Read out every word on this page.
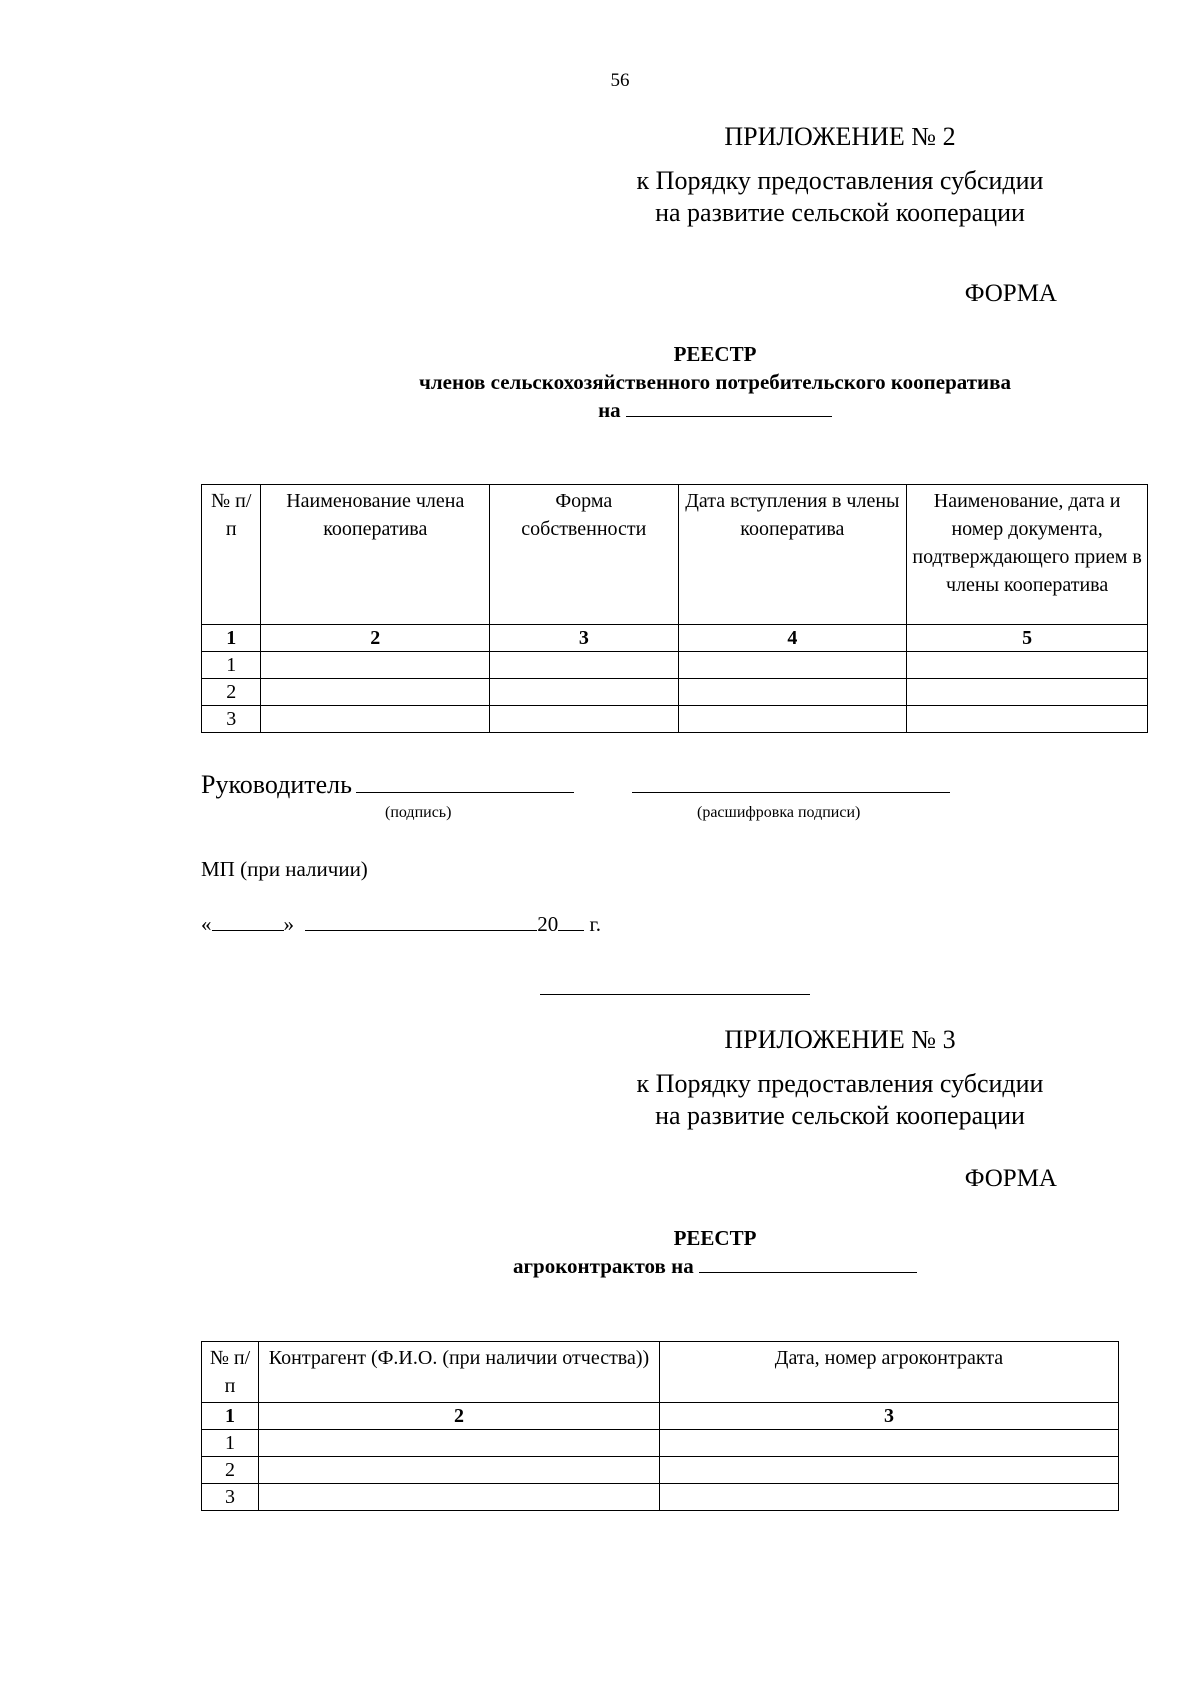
56
ПРИЛОЖЕНИЕ № 2
к Порядку предоставления субсидии
на развитие сельской кооперации
ФОРМА
РЕЕСТР
членов сельскохозяйственного потребительского кооператива
на
№ п/п	Наименование члена кооператива	Форма собственности	Дата вступления в члены кооператива	Наименование, дата и номер документа, подтверждающего прием в члены кооператива
1	2	3	4	5
1				
2				
3				
Руководитель
(подпись)	(расшифровка подписи)
МП (при наличии)
«	»	20 г.
ПРИЛОЖЕНИЕ № 3
к Порядку предоставления субсидии
на развитие сельской кооперации
ФОРМА
РЕЕСТР
агроконтрактов на
№ п/п	Контрагент (Ф.И.О. (при наличии отчества))	Дата, номер агроконтракта
1	2	3
1		
2		
3		
